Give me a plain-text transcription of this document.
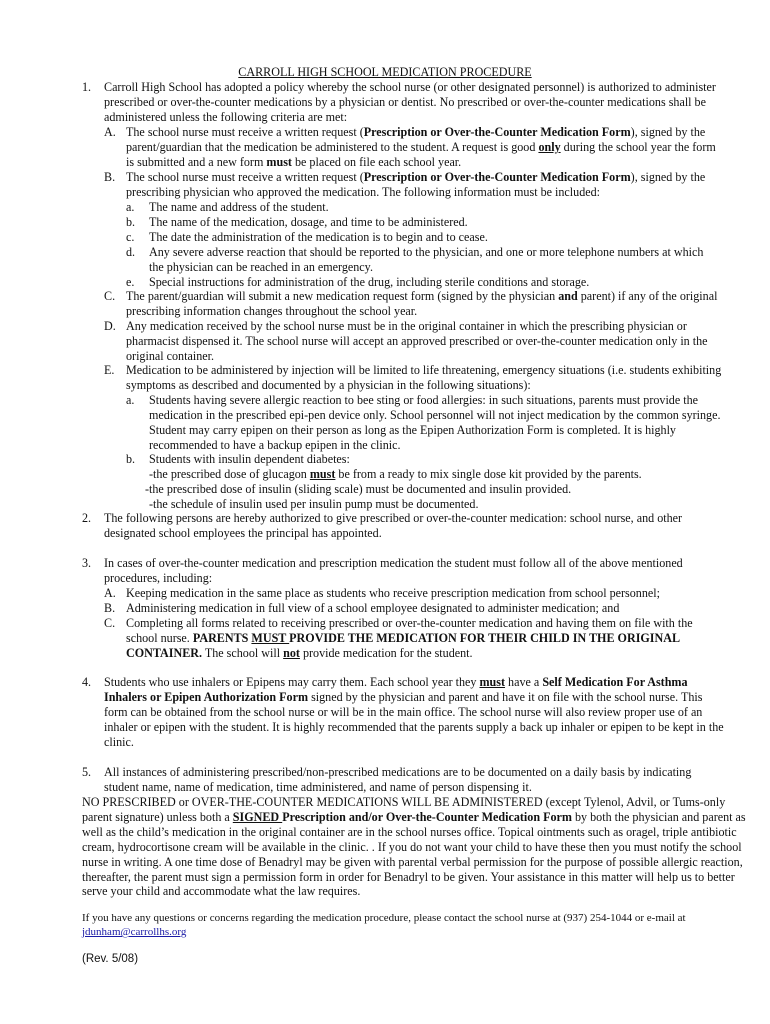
CARROLL HIGH SCHOOL MEDICATION PROCEDURE
1. Carroll High School has adopted a policy whereby the school nurse (or other designated personnel) is authorized to administer prescribed or over-the-counter medications by a physician or dentist. No prescribed or over-the-counter medications shall be administered unless the following criteria are met:

A. The school nurse must receive a written request (Prescription or Over-the-Counter Medication Form), signed by the parent/guardian that the medication be administered to the student. A request is good only during the school year the form is submitted and a new form must be placed on file each school year.

B. The school nurse must receive a written request (Prescription or Over-the-Counter Medication Form), signed by the prescribing physician who approved the medication. The following information must be included:

a. The name and address of the student.

b. The name of the medication, dosage, and time to be administered.

c. The date the administration of the medication is to begin and to cease.

d. Any severe adverse reaction that should be reported to the physician, and one or more telephone numbers at which the physician can be reached in an emergency.

e. Special instructions for administration of the drug, including sterile conditions and storage.

C. The parent/guardian will submit a new medication request form (signed by the physician and parent) if any of the original prescribing information changes throughout the school year.

D. Any medication received by the school nurse must be in the original container in which the prescribing physician or pharmacist dispensed it. The school nurse will accept an approved prescribed or over-the-counter medication only in the original container.

E. Medication to be administered by injection will be limited to life threatening, emergency situations (i.e. students exhibiting symptoms as described and documented by a physician in the following situations):

a. Students having severe allergic reaction to bee sting or food allergies: in such situations, parents must provide the medication in the prescribed epi-pen device only. School personnel will not inject medication by the common syringe. Student may carry epipen on their person as long as the Epipen Authorization Form is completed. It is highly recommended to have a backup epipen in the clinic.

b. Students with insulin dependent diabetes:

-the prescribed dose of glucagon must be from a ready to mix single dose kit provided by the parents.

-the prescribed dose of insulin (sliding scale) must be documented and insulin provided.

-the schedule of insulin used per insulin pump must be documented.

2. The following persons are hereby authorized to give prescribed or over-the-counter medication: school nurse, and other designated school employees the principal has appointed.

3. In cases of over-the-counter medication and prescription medication the student must follow all of the above mentioned procedures, including:

A. Keeping medication in the same place as students who receive prescription medication from school personnel;

B. Administering medication in full view of a school employee designated to administer medication; and

C. Completing all forms related to receiving prescribed or over-the-counter medication and having them on file with the school nurse. PARENTS MUST PROVIDE THE MEDICATION FOR THEIR CHILD IN THE ORIGINAL CONTAINER. The school will not provide medication for the student.

4. Students who use inhalers or Epipens may carry them. Each school year they must have a Self Medication For Asthma Inhalers or Epipen Authorization Form signed by the physician and parent and have it on file with the school nurse. This form can be obtained from the school nurse or will be in the main office. The school nurse will also review proper use of an inhaler or epipen with the student. It is highly recommended that the parents supply a back up inhaler or epipen to be kept in the clinic.

5. All instances of administering prescribed/non-prescribed medications are to be documented on a daily basis by indicating student name, name of medication, time administered, and name of person dispensing it.

NO PRESCRIBED or OVER-THE-COUNTER MEDICATIONS WILL BE ADMINISTERED (except Tylenol, Advil, or Tums-only parent signature) unless both a SIGNED Prescription and/or Over-the-Counter Medication Form by both the physician and parent as well as the child’s medication in the original container are in the school nurses office. Topical ointments such as oragel, triple antibiotic cream, hydrocortisone cream will be available in the clinic. . If you do not want your child to have these then you must notify the school nurse in writing. A one time dose of Benadryl may be given with parental verbal permission for the purpose of possible allergic reaction, thereafter, the parent must sign a permission form in order for Benadryl to be given. Your assistance in this matter will help us to better serve your child and accommodate what the law requires.

If you have any questions or concerns regarding the medication procedure, please contact the school nurse at (937) 254-1044 or e-mail at

jdunham@carrollhs.org
(Rev. 5/08)
